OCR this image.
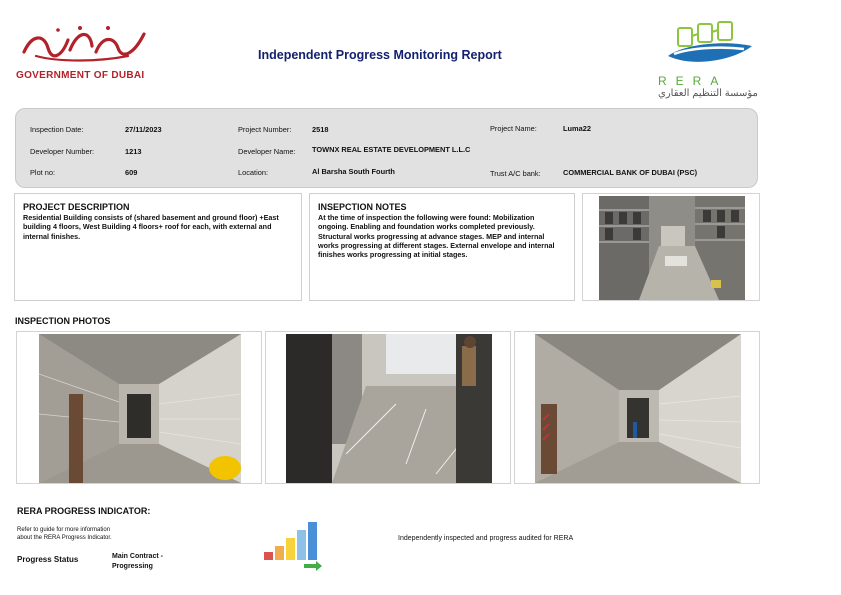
GOVERNMENT OF DUBAI
Independent Progress Monitoring Report
RERA
مؤسسة التنظيم العقاري
Inspection Date:	27/11/2023	Project Number:	2518	Project Name:	Luma22
Developer Number:	1213	Developer Name: TOWNX REAL ESTATE DEVELOPMENT L.L.C
Plot no:	609	Location:	Al Barsha South Fourth	Trust A/C bank:	COMMERCIAL BANK OF DUBAI (PSC)
PROJECT DESCRIPTION
Residential Building consists of (shared basement and ground floor) +East building 4 floors, West Building 4 floors+ roof for each, with external and internal finishes.
INSEPCTION NOTES
At the time of inspection the following were found: Mobilization ongoing. Enabling and foundation works completed previously. Structural works progressing at advance stages. MEP and internal works progressing at different stages. External envelope and internal finishes works progressing at initial stages.
INSPECTION PHOTOS
RERA PROGRESS INDICATOR:
Refer to guide for more information
about the RERA Progress Indicator.
Progress Status	Main Contract - Progressing
Independently inspected and progress audited for RERA
